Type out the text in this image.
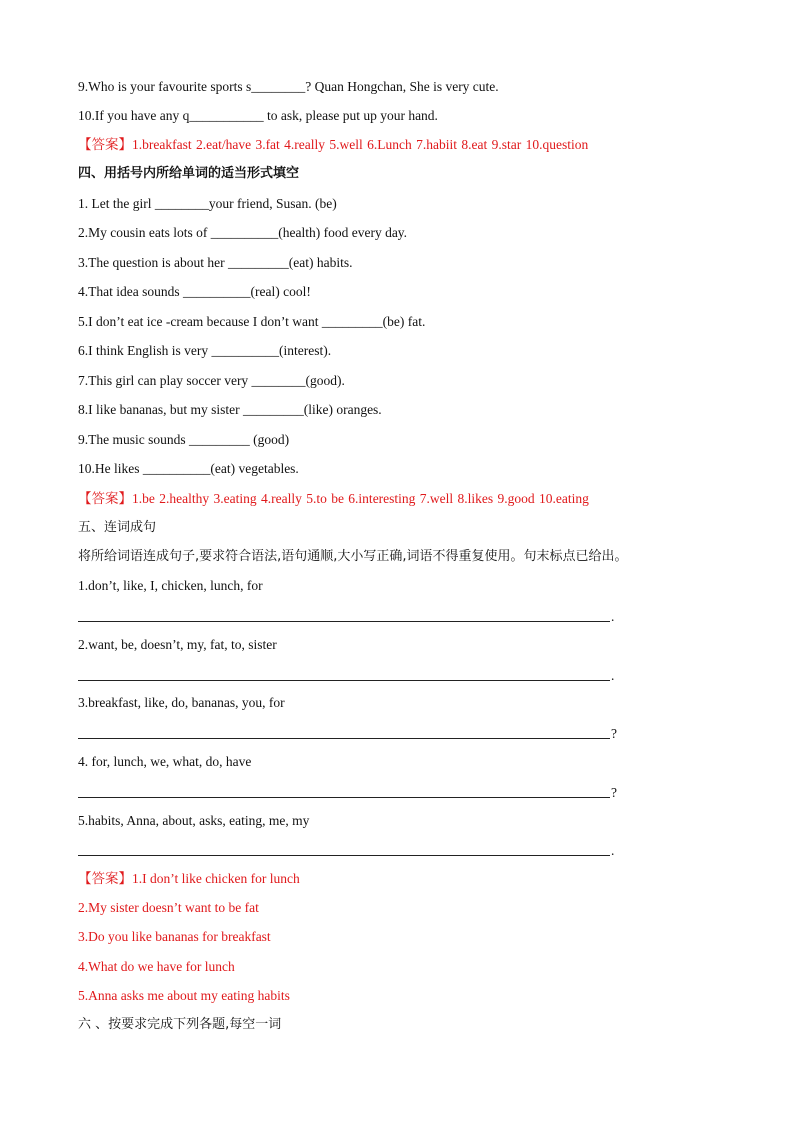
9.Who is your favourite sports s________? Quan Hongchan, She is very cute.
10.If you have any q___________ to ask, please put up your hand.
【答案】1.breakfast 2.eat/have 3.fat 4.really 5.well 6.Lunch 7.habiit 8.eat 9.star 10.question
四、用括号内所给单词的适当形式填空
1. Let the girl ________your friend, Susan. (be)
2.My cousin eats lots of __________(health) food every day.
3.The question is about her _________(eat) habits.
4.That idea sounds __________(real) cool!
5.I don’t eat ice -cream because I don’t want _________(be) fat.
6.I think English is very __________(interest).
7.This girl can play soccer very ________(good).
8.I like bananas, but my sister _________(like) oranges.
9.The music sounds _________ (good)
10.He likes __________(eat) vegetables.
【答案】1.be 2.healthy 3.eating 4.really 5.to be 6.interesting 7.well 8.likes 9.good 10.eating
五、连词成句
将所给词语连成句子,要求符合语法,语句通顺,大小写正确,词语不得重复使用。句末标点已给出。
1.don’t, like, I, chicken, lunch, for
.
2.want, be, doesn’t, my, fat, to, sister
.
3.breakfast, like, do, bananas, you, for
?
4. for, lunch, we, what, do, have
?
5.habits, Anna, about, asks, eating, me, my
.
【答案】1.I don’t like chicken for lunch
2.My sister doesn’t want to be fat
3.Do you like bananas for breakfast
4.What do we have for lunch
5.Anna asks me about my eating habits
六 、按要求完成下列各题,每空一词
